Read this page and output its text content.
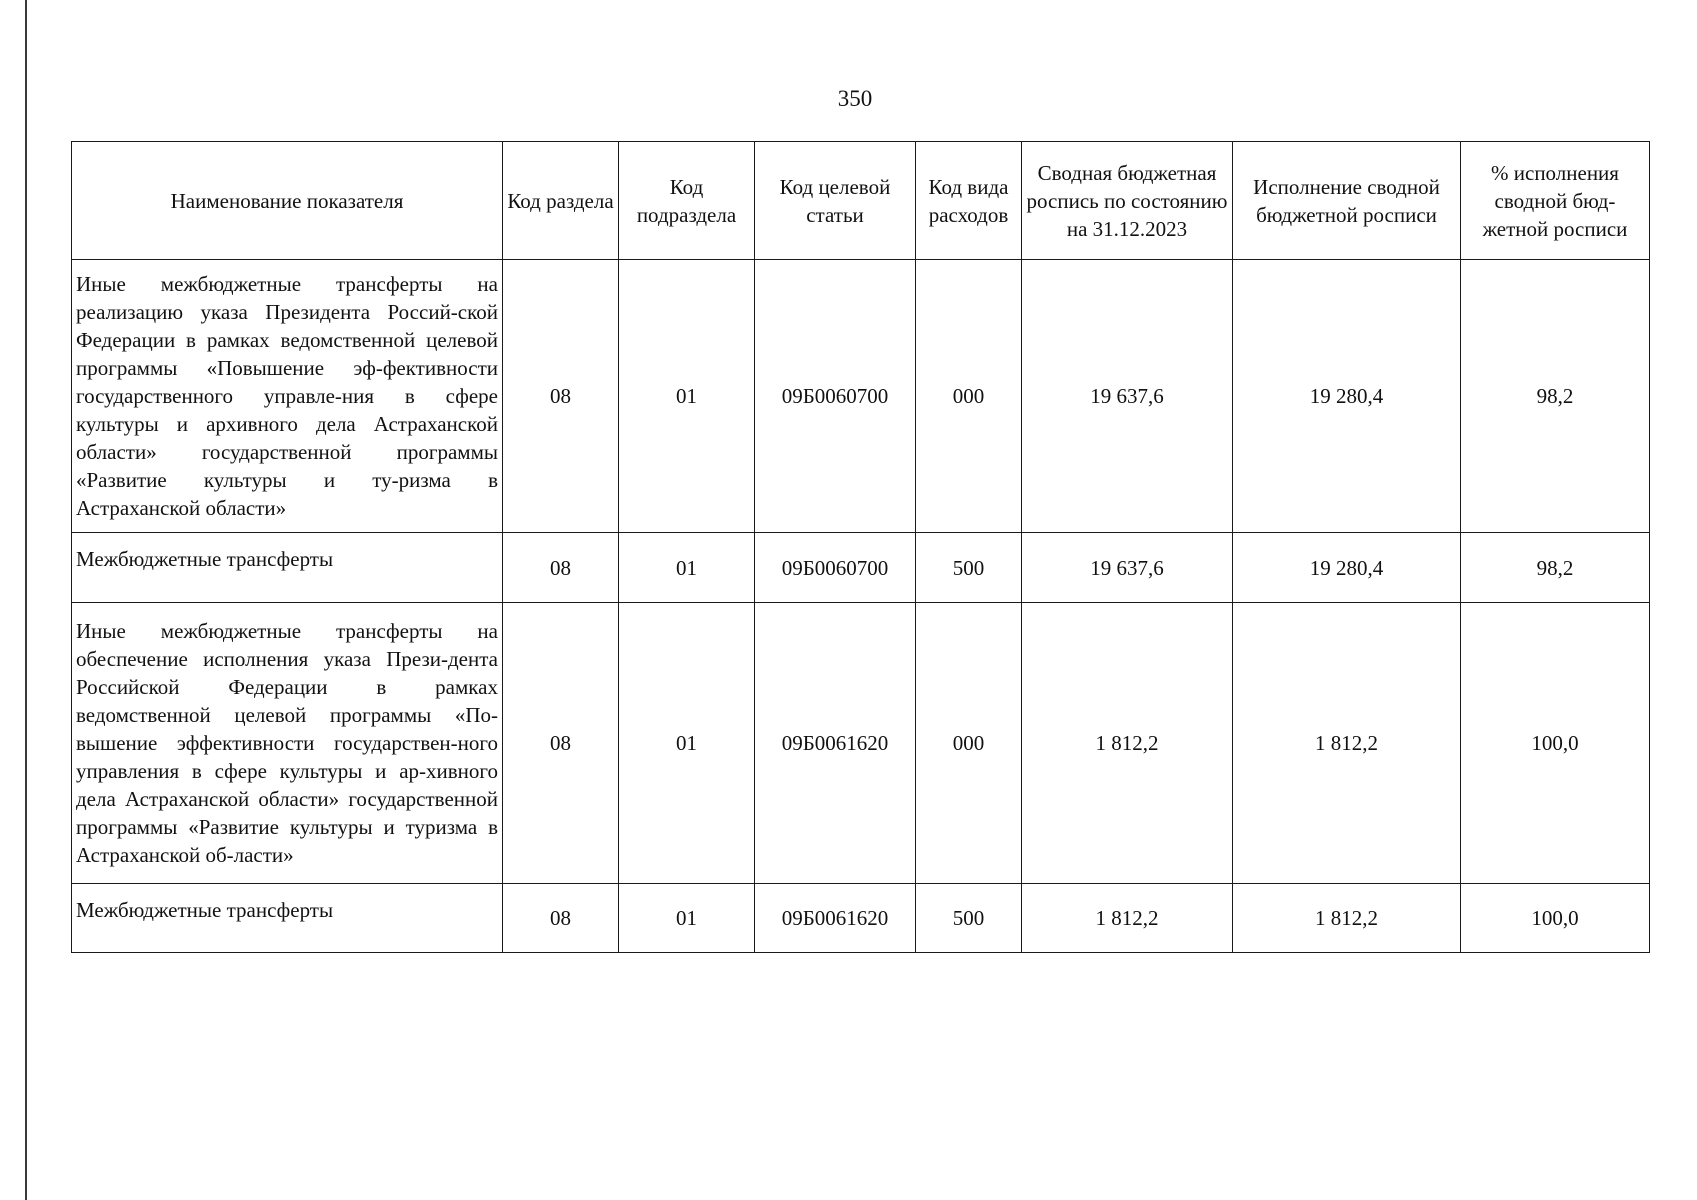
350
Наименование показателя	Код раздела	Код подраздела	Код целевой статьи	Код вида расходов	Сводная бюджетная роспись по состоянию на 31.12.2023	Исполнение сводной бюджетной росписи	% исполнения сводной бюд-жетной росписи
Иные межбюджетные трансферты на реализацию указа Президента Россий-ской Федерации в рамках ведомственной целевой программы «Повышение эф-фективности государственного управле-ния в сфере культуры и архивного дела Астраханской области» государственной программы «Развитие культуры и ту-ризма в Астраханской области»	08	01	09Б0060700	000	19 637,6	19 280,4	98,2
Межбюджетные трансферты	08	01	09Б0060700	500	19 637,6	19 280,4	98,2
Иные межбюджетные трансферты на обеспечение исполнения указа Прези-дента Российской Федерации в рамках ведомственной целевой программы «По-вышение эффективности государствен-ного управления в сфере культуры и ар-хивного дела Астраханской области» государственной программы «Развитие культуры и туризма в Астраханской об-ласти»	08	01	09Б0061620	000	1 812,2	1 812,2	100,0
Межбюджетные трансферты	08	01	09Б0061620	500	1 812,2	1 812,2	100,0
